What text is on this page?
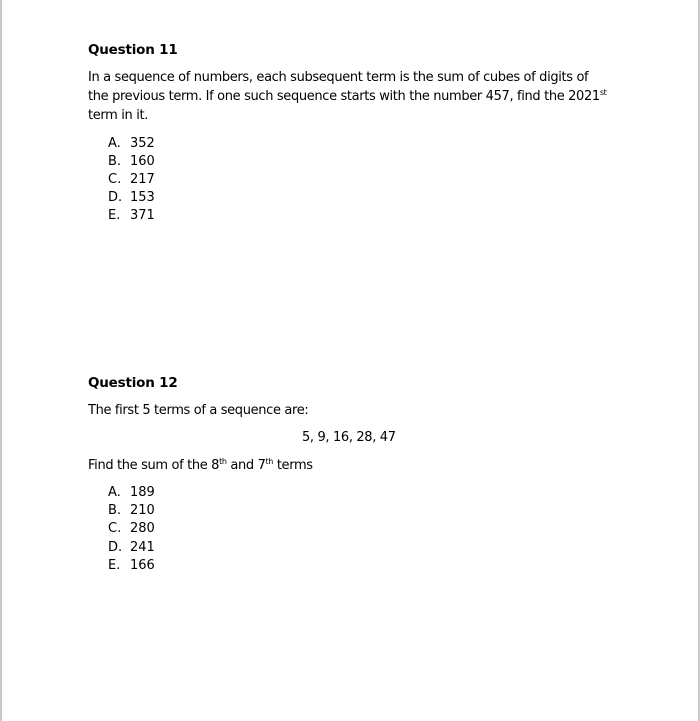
Question 11
In a sequence of numbers, each subsequent term is the sum of cubes of digits of
the previous term. If one such sequence starts with the number 457, find the 2021st
term in it.
A. 352
B. 160
C. 217
D. 153
E. 371
Question 12
The first 5 terms of a sequence are:
5, 9, 16, 28, 47
Find the sum of the 8th and 7th terms
A. 189
B. 210
C. 280
D. 241
E. 166
